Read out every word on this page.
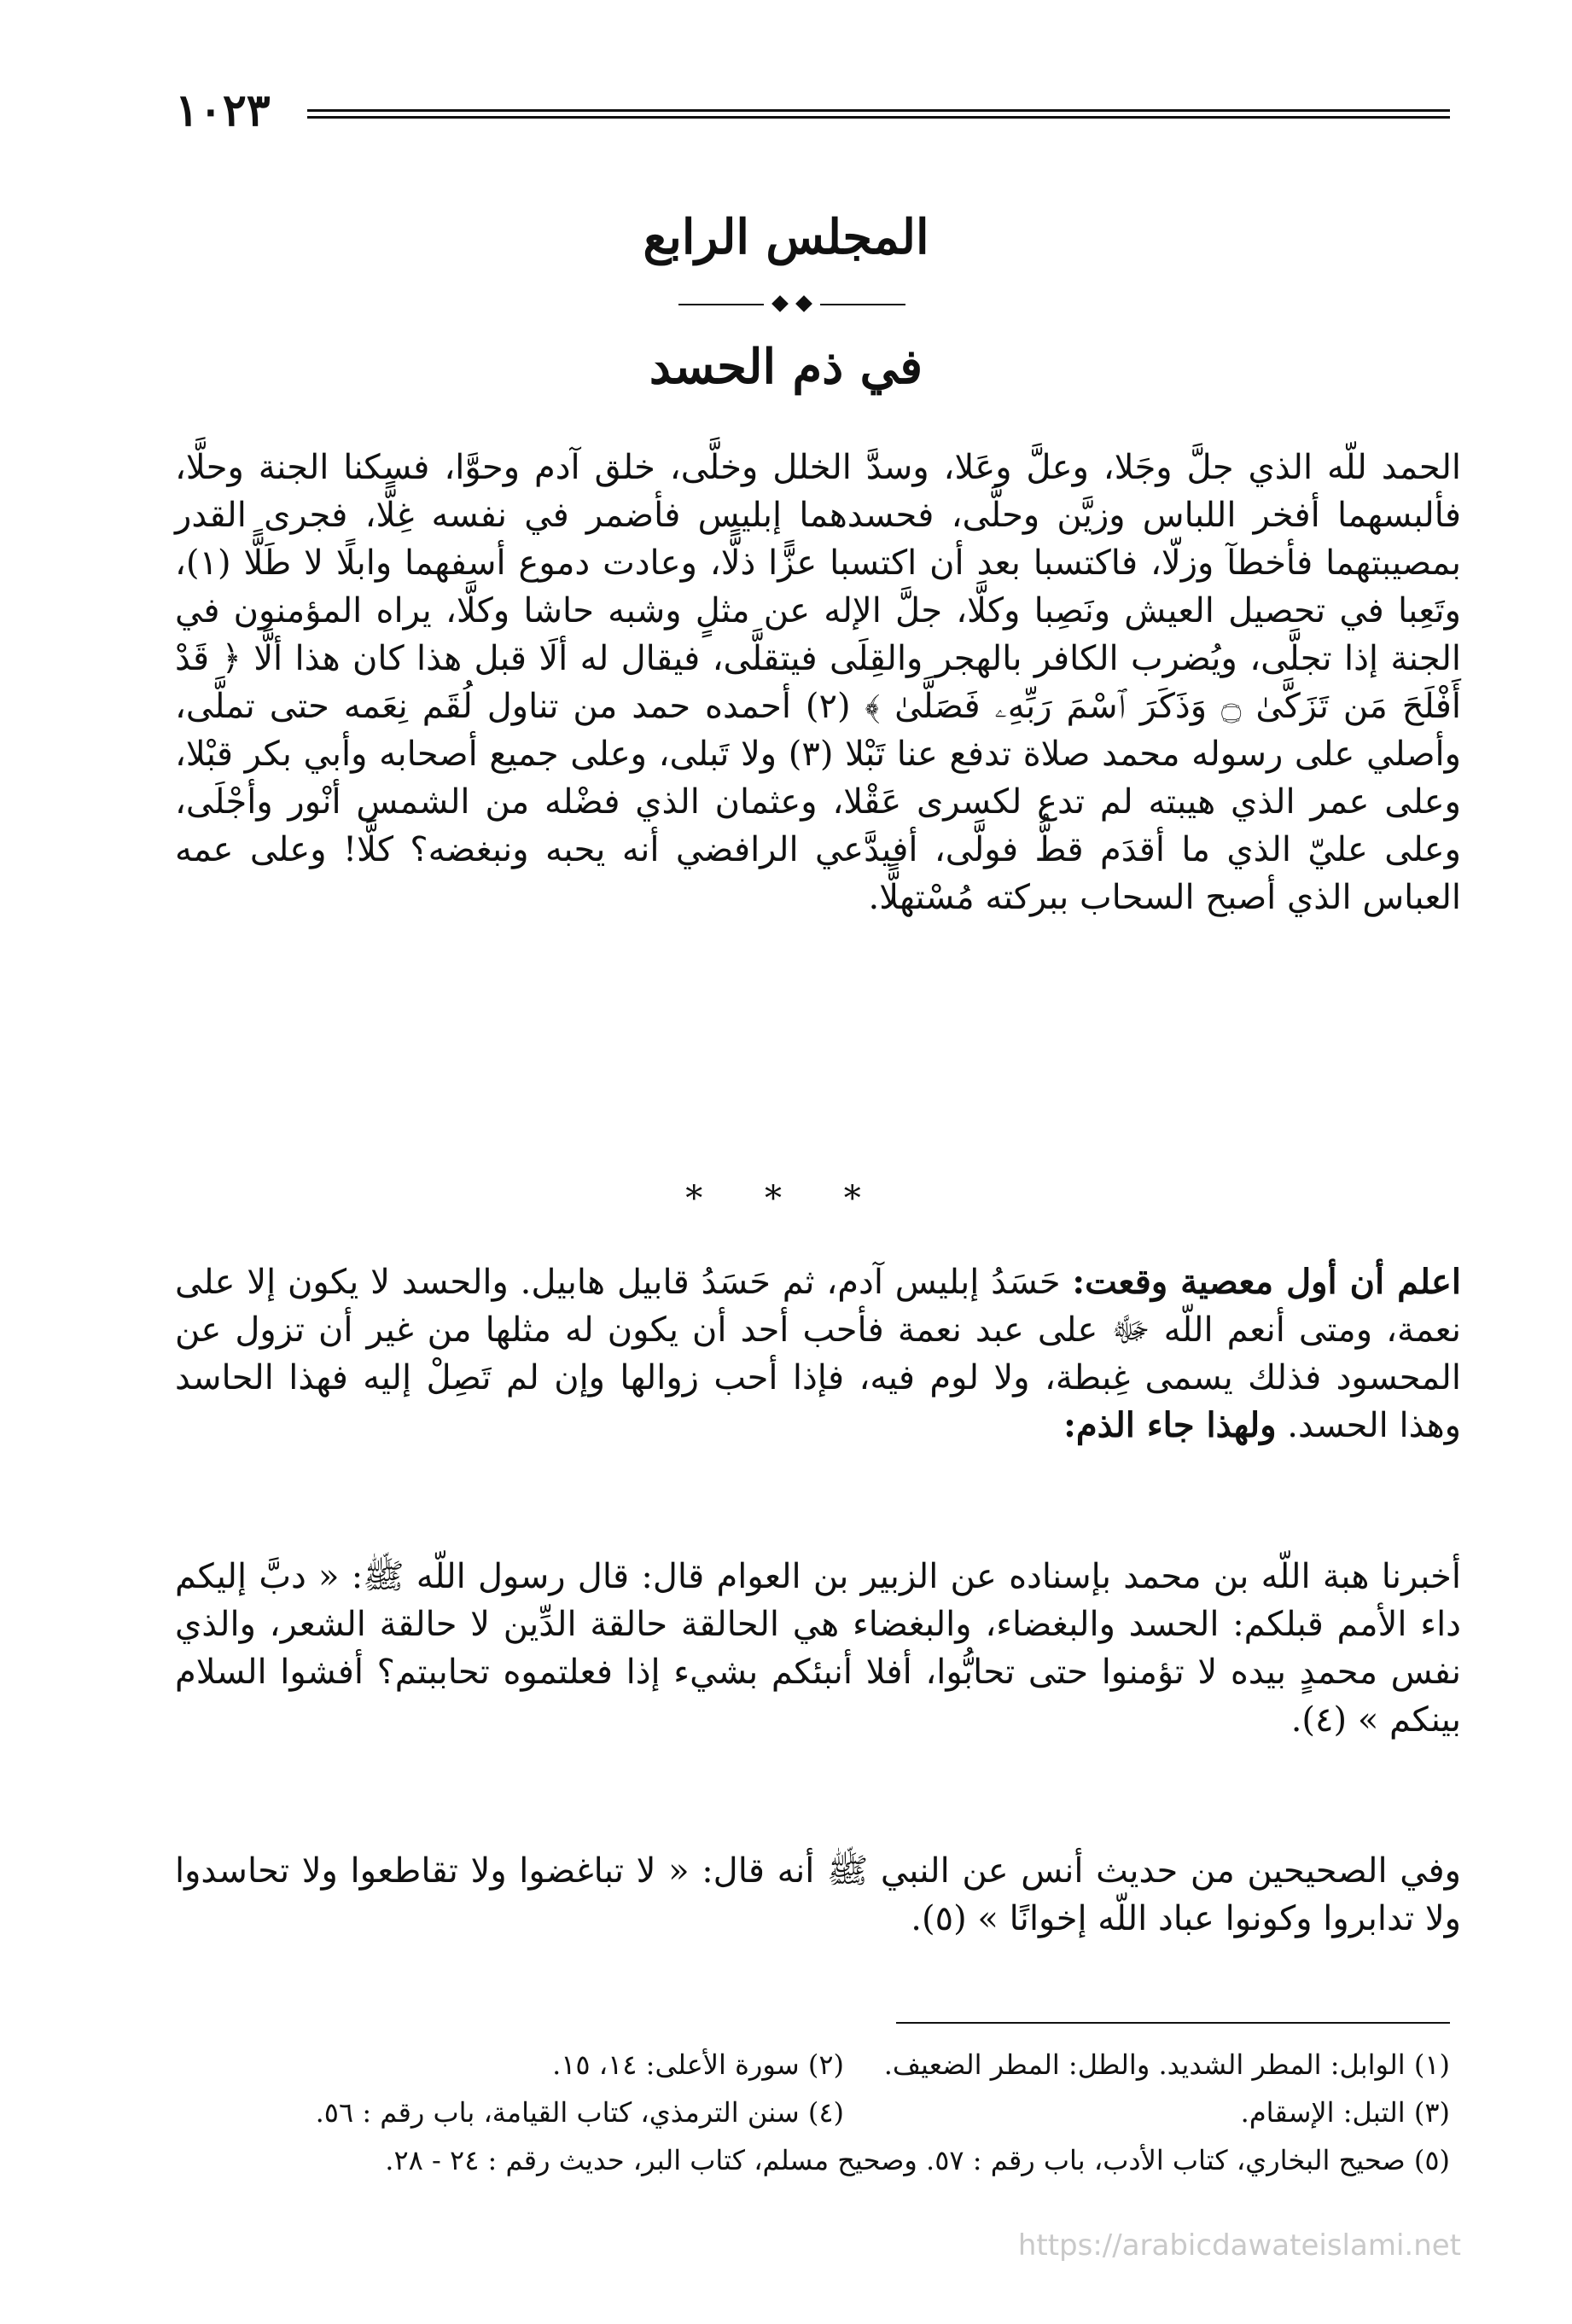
١٠٢٣
المجلس الرابع
في ذم الحسد

الحمد للّه الذي جلَّ وجَلا، وعلَّ وعَلا، وسدَّ الخلل وخلَّى، خلق آدم وحوَّا، فسكنا الجنة وحلَّا، فألبسهما أفخر اللباس وزيَّن وحلَّى، فحسدهما إبليس فأضمر في نفسه غِلًّا، فجرى القدر بمصيبتهما فأخطآ وزلّا، فاكتسبا بعد أن اكتسبا عزًّا ذلًّا، وعادت دموع أسفهما وابلًا لا طَلًّا (١)، وتَعِبا في تحصيل العيش ونَصِبا وكلَّا، جلَّ الإله عن مثلٍ وشبه حاشا وكلَّا، يراه المؤمنون في الجنة إذا تجلَّى، ويُضرب الكافر بالهجر والقِلَى فيتقلَّى، فيقال له ألَا قبل هذا كان هذا ألَّا ﴿ قَدْ أَفْلَحَ مَن تَزَكَّىٰ ۝ وَذَكَرَ ٱسْمَ رَبِّهِۦ فَصَلَّىٰ ﴾ (٢) أحمده حمد من تناول لُقَم نِعَمه حتى تملَّى، وأصلي على رسوله محمد صلاة تدفع عنا تَبْلا (٣) ولا تَبلى، وعلى جميع أصحابه وأبي بكر قبْلا، وعلى عمر الذي هيبته لم تدع لكسرى عَقْلا، وعثمان الذي فضْله من الشمس أنْور وأجْلَى، وعلى عليّ الذي ما أقدَم قطُّ فولَّى، أفيدَّعي الرافضي أنه يحبه ونبغضه؟ كلَّا! وعلى عمه العباس الذي أصبح السحاب ببركته مُسْتهلًّا.

* * *

اعلم أن أول معصية وقعت: حَسَدُ إبليس آدم، ثم حَسَدُ قابيل هابيل. والحسد لا يكون إلا على نعمة، ومتى أنعم اللّه ﷻ على عبد نعمة فأحب أحد أن يكون له مثلها من غير أن تزول عن المحسود فذلك يسمى غِبطة، ولا لوم فيه، فإذا أحب زوالها وإن لم تَصِلْ إليه فهذا الحاسد وهذا الحسد. ولهذا جاء الذم:

أخبرنا هبة اللّه بن محمد بإسناده عن الزبير بن العوام قال: قال رسول اللّه ﷺ: « دبَّ إليكم داء الأمم قبلكم: الحسد والبغضاء، والبغضاء هي الحالقة حالقة الدِّين لا حالقة الشعر، والذي نفس محمدٍ بيده لا تؤمنوا حتى تحابُّوا، أفلا أنبئكم بشيء إذا فعلتموه تحاببتم؟ أفشوا السلام بينكم » (٤).

وفي الصحيحين من حديث أنس عن النبي ﷺ أنه قال: « لا تباغضوا ولا تقاطعوا ولا تحاسدوا ولا تدابروا وكونوا عباد اللّه إخوانًا » (٥).

(١) الوابل: المطر الشديد. والطل: المطر الضعيف.
(٢) سورة الأعلى: ١٤، ١٥.
(٣) التبل: الإسقام.
(٤) سنن الترمذي، كتاب القيامة، باب رقم : ٥٦.
(٥) صحيح البخاري، كتاب الأدب، باب رقم : ٥٧. وصحيح مسلم، كتاب البر، حديث رقم : ٢٤ - ٢٨.
https://arabicdawateislami.net
